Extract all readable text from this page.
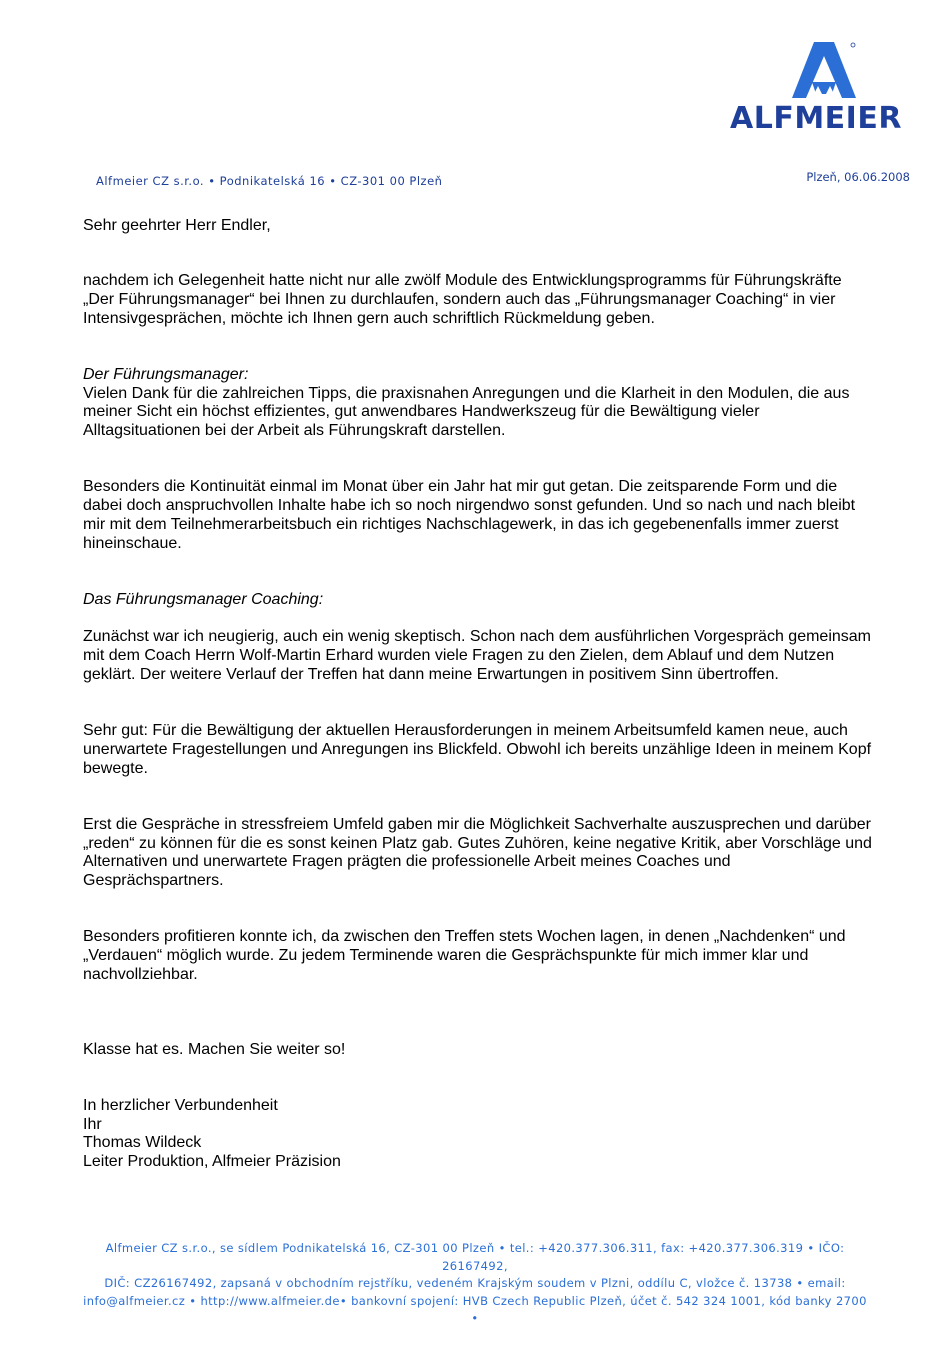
ALFMEIER
Alfmeier CZ s.r.o. • Podnikatelská 16 • CZ-301 00 Plzeň	Plzeň, 06.06.2008
Sehr geehrter Herr Endler,

nachdem ich Gelegenheit hatte nicht nur alle zwölf Module des Entwicklungsprogramms für Führungskräfte „Der Führungsmanager“ bei Ihnen zu durchlaufen, sondern auch das „Führungsmanager Coaching“ in vier Intensivgesprächen, möchte ich Ihnen gern auch schriftlich Rückmeldung geben.

Der Führungsmanager:

Vielen Dank für die zahlreichen Tipps, die praxisnahen Anregungen und die Klarheit in den Modulen, die aus meiner Sicht ein höchst effizientes, gut anwendbares Handwerkszeug für die Bewältigung vieler Alltagsituationen bei der Arbeit als Führungskraft darstellen.

Besonders die Kontinuität einmal im Monat über ein Jahr hat mir gut getan. Die zeitsparende Form und die dabei doch anspruchvollen Inhalte habe ich so noch nirgendwo sonst gefunden. Und so nach und nach bleibt mir mit dem Teilnehmerarbeitsbuch ein richtiges Nachschlagewerk, in das ich gegebenenfalls immer zuerst hineinschaue.

Das Führungsmanager Coaching:

Zunächst war ich neugierig, auch ein wenig skeptisch. Schon nach dem ausführlichen Vorgespräch gemeinsam mit dem Coach Herrn Wolf-Martin Erhard wurden viele Fragen zu den Zielen, dem Ablauf und dem Nutzen geklärt. Der weitere Verlauf der Treffen hat dann meine Erwartungen in positivem Sinn übertroffen.

Sehr gut: Für die Bewältigung der aktuellen Herausforderungen in meinem Arbeitsumfeld kamen neue, auch unerwartete Fragestellungen und Anregungen ins Blickfeld. Obwohl ich bereits unzählige Ideen in meinem Kopf bewegte.

Erst die Gespräche in stressfreiem Umfeld gaben mir die Möglichkeit Sachverhalte auszusprechen und darüber „reden“ zu können für die es sonst keinen Platz gab. Gutes Zuhören, keine negative Kritik, aber Vorschläge und Alternativen und unerwartete Fragen prägten die professionelle Arbeit meines Coaches und Gesprächspartners.

Besonders profitieren konnte ich, da zwischen den Treffen stets Wochen lagen, in denen „Nachdenken“ und „Verdauen“ möglich wurde. Zu jedem Terminende waren die Gesprächspunkte für mich immer klar und nachvollziehbar.

Klasse hat es. Machen Sie weiter so!

In herzlicher Verbundenheit
Ihr
Thomas Wildeck
Leiter Produktion, Alfmeier Präzision
Alfmeier CZ s.r.o., se sídlem Podnikatelská 16, CZ-301 00 Plzeň • tel.: +420.377.306.311, fax: +420.377.306.319 • IČO: 26167492,
DIČ: CZ26167492, zapsaná v obchodním rejstříku, vedeném Krajským soudem v Plzni, oddílu C, vložce č. 13738 • email:
info@alfmeier.cz • http://www.alfmeier.de• bankovní spojení: HVB Czech Republic Plzeň, účet č. 542 324 1001, kód banky 2700 •
